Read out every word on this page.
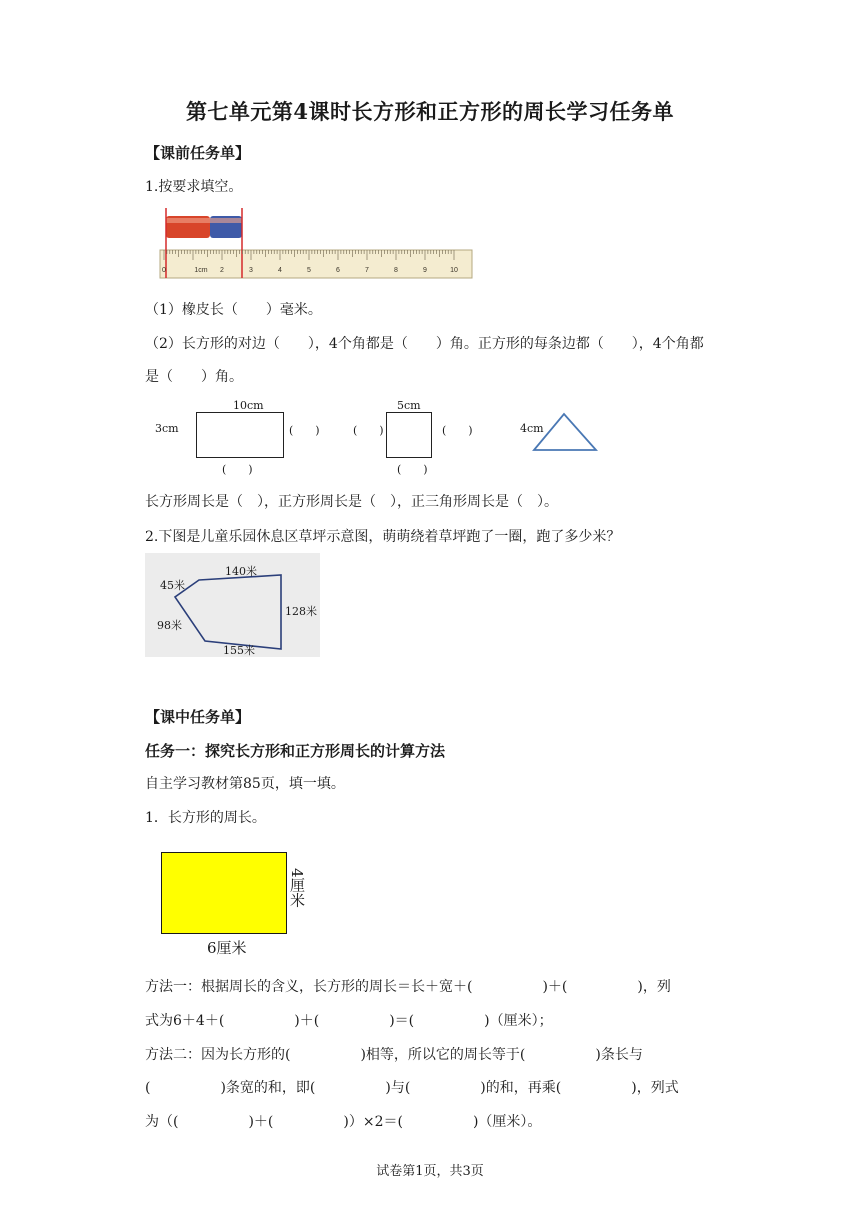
第七单元第4课时长方形和正方形的周长学习任务单
【课前任务单】
1.按要求填空。
0	1cm 2	3	4	5	6	7	8	9	10
（1）橡皮长（　　）毫米。
（2）长方形的对边（　　），4个角都是（　　）角。正方形的每条边都（　　），4个角都
是（　　）角。
3cm
10cm
(　　)
(　　)
(　　)
5cm
(　　)
(　　)
4cm
长方形周长是（　），正方形周长是（　），正三角形周长是（　）。
2.下图是儿童乐园休息区草坪示意图，萌萌绕着草坪跑了一圈，跑了多少米？
45米
140米
128米
98米
155米
【课中任务单】
任务一：探究长方形和正方形周长的计算方法
自主学习教材第85页，填一填。
1．长方形的周长。
6厘米
4厘米
方法一：根据周长的含义，长方形的周长＝长＋宽＋(　　　　　)＋(　　　　　)，列
式为6＋4＋(　　　　　)＋(　　　　　)＝(　　　　　)（厘米）；
方法二：因为长方形的(　　　　　)相等，所以它的周长等于(　　　　　)条长与
(　　　　　)条宽的和，即(　　　　　)与(　　　　　)的和，再乘(　　　　　)，列式
为（(　　　　　)＋(　　　　　)）×2＝(　　　　　)（厘米）。
试卷第1页，共3页
